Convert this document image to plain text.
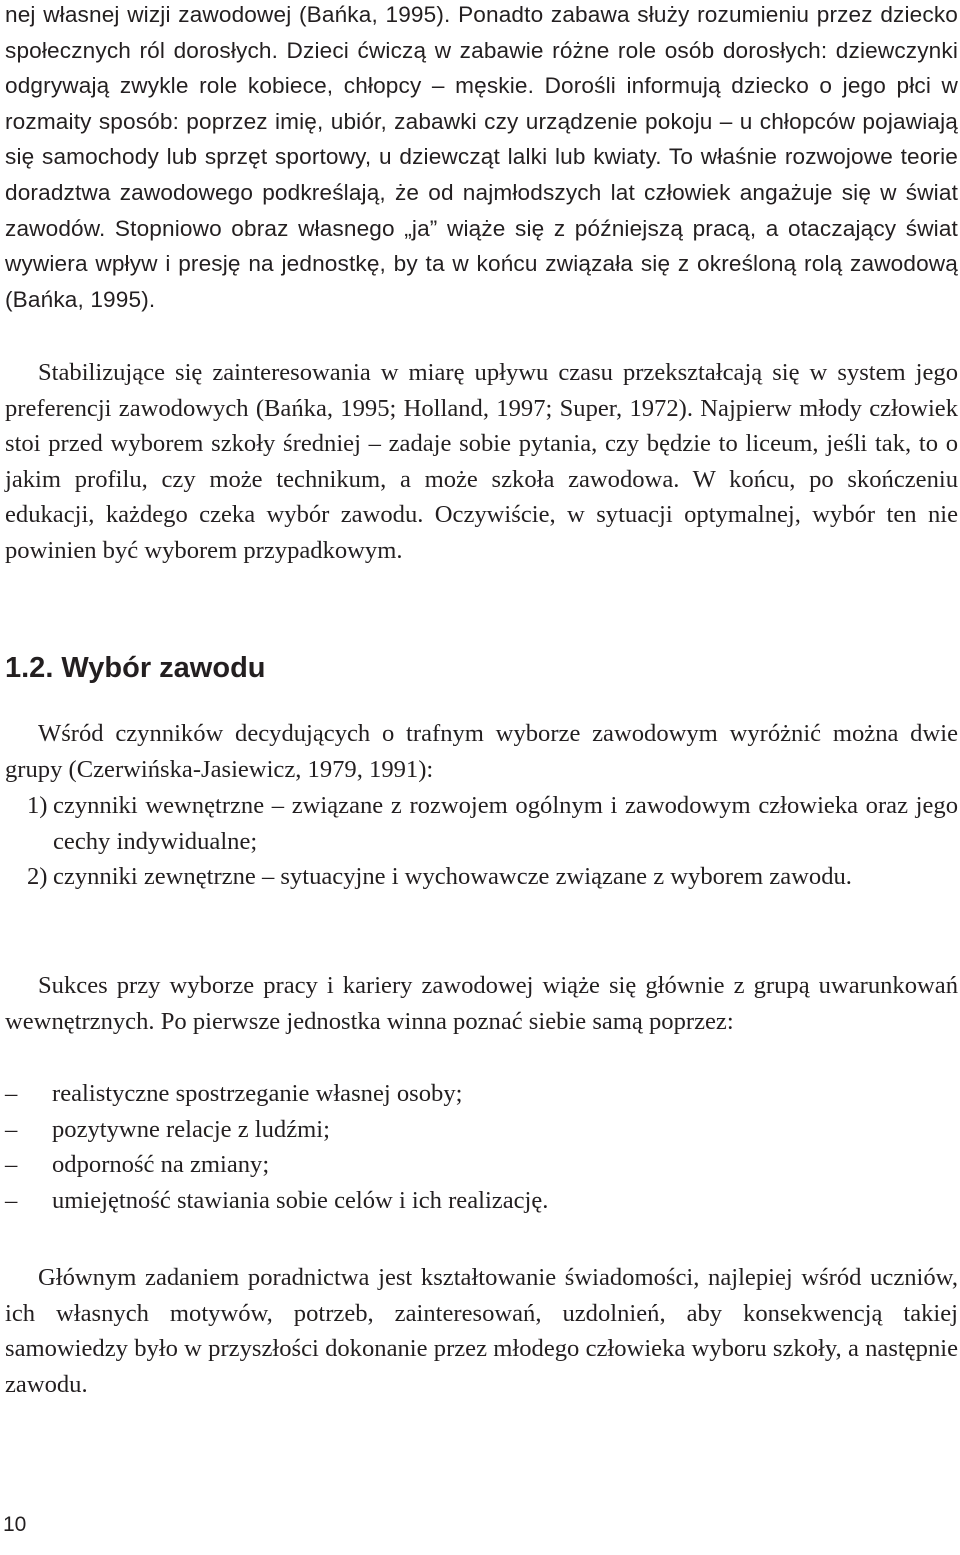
nej własnej wizji zawodowej (Bańka, 1995). Ponadto zabawa służy rozumieniu przez dziecko społecznych ról dorosłych. Dzieci ćwiczą w zabawie różne role osób dorosłych: dziewczynki odgrywają zwykle role kobiece, chłopcy – męskie. Dorośli informują dziecko o jego płci w rozmaity sposób: poprzez imię, ubiór, zabawki czy urządzenie pokoju – u chłopców pojawiają się samochody lub sprzęt sportowy, u dziewcząt lalki lub kwiaty. To właśnie rozwojowe teorie doradztwa zawodowego podkreślają, że od najmłodszych lat człowiek angażuje się w świat zawodów. Stopniowo obraz własnego „ja” wiąże się z późniejszą pracą, a otaczający świat wywiera wpływ i presję na jednostkę, by ta w końcu związała się z określoną rolą zawodową (Bańka, 1995).

Stabilizujące się zainteresowania w miarę upływu czasu przekształcają się w system jego preferencji zawodowych (Bańka, 1995; Holland, 1997; Super, 1972). Najpierw młody człowiek stoi przed wyborem szkoły średniej – zadaje sobie pytania, czy będzie to liceum, jeśli tak, to o jakim profilu, czy może technikum, a może szkoła zawodowa. W końcu, po skończeniu edukacji, każdego czeka wybór zawodu. Oczywiście, w sytuacji optymalnej, wybór ten nie powinien być wyborem przypadkowym.

1.2. Wybór zawodu

Wśród czynników decydujących o trafnym wyborze zawodowym wyróżnić można dwie grupy (Czerwińska-Jasiewicz, 1979, 1991):

1) czynniki wewnętrzne – związane z rozwojem ogólnym i zawodowym człowieka oraz jego cechy indywidualne;
2) czynniki zewnętrzne – sytuacyjne i wychowawcze związane z wyborem zawodu.

Sukces przy wyborze pracy i kariery zawodowej wiąże się głównie z grupą uwarunkowań wewnętrznych. Po pierwsze jednostka winna poznać siebie samą poprzez:

– realistyczne spostrzeganie własnej osoby;
– pozytywne relacje z ludźmi;
– odporność na zmiany;
– umiejętność stawiania sobie celów i ich realizację.

Głównym zadaniem poradnictwa jest kształtowanie świadomości, najlepiej wśród uczniów, ich własnych motywów, potrzeb, zainteresowań, uzdolnień, aby konsekwencją takiej samowiedzy było w przyszłości dokonanie przez młodego człowieka wyboru szkoły, a następnie zawodu.

10
